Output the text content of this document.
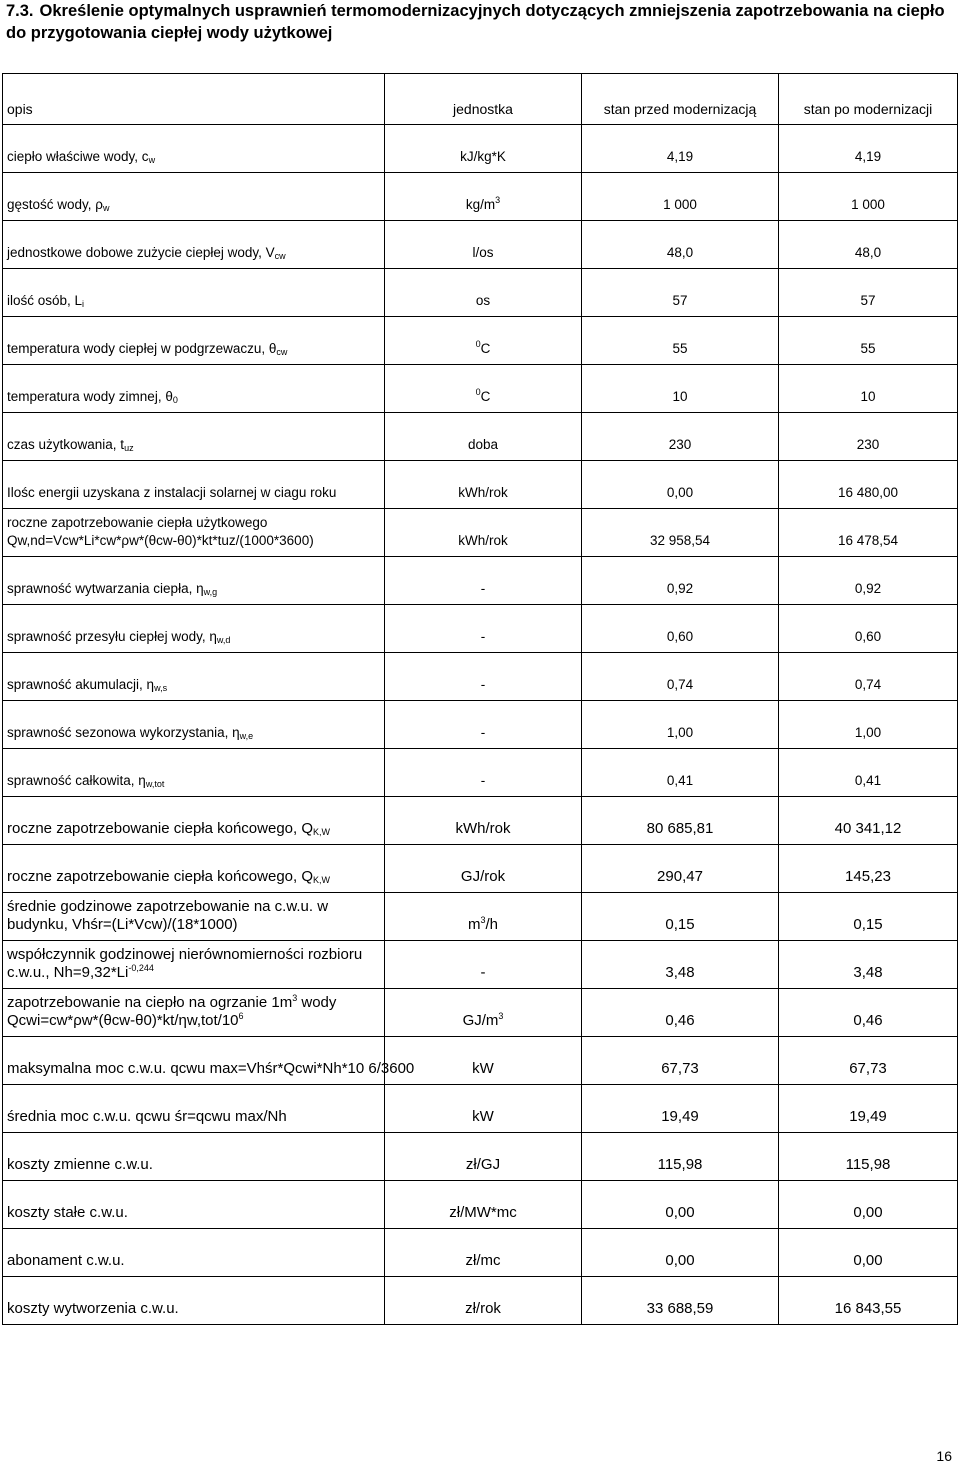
7.3. Określenie optymalnych usprawnień termomodernizacyjnych dotyczących zmniejszenia zapotrzebowania na ciepło do przygotowania ciepłej wody użytkowej
opis	jednostka	stan przed modernizacją	stan po modernizacji
ciepło właściwe wody, $c_w$	kJ/kg*K	4,19	4,19
gęstość wody, $\rho_w$	$kg/m^3$	1 000	1 000
jednostkowe dobowe zużycie ciepłej wody, $V_{cw}$	l/os	48,0	48,0
ilość osób, $L_i$	os	57	57
temperatura wody ciepłej w podgrzewaczu, $\theta_{cw}$	$^0$C	55	55
temperatura wody zimnej, $\theta_0$	$^0$C	10	10
czas użytkowania, $t_{uz}$	doba	230	230
Ilośc energii uzyskana z instalacji solarnej w ciagu roku	kWh/rok	0,00	16 480,00

roczne zapotrzebowanie ciepła użytkowego
Qw,nd=Vcw*Li*cw*ρw*(θcw-θ0)*kt*tuz/(1000*3600)	kWh/rok	32 958,54	16 478,54
sprawność wytwarzania ciepła, $\eta_{w,g}$	-	0,92	0,92
sprawność przesyłu ciepłej wody, $\eta_{w,d}$	-	0,60	0,60
sprawność akumulacji, $\eta_{w,s}$	-	0,74	0,74
sprawność sezonowa wykorzystania, $\eta_{w,e}$	-	1,00	1,00
sprawność całkowita, $\eta_{w,tot}$	-	0,41	0,41
roczne zapotrzebowanie ciepła końcowego, $Q_{K,W}$	kWh/rok	80 685,81	40 341,12
roczne zapotrzebowanie ciepła końcowego, $Q_{K,W}$	GJ/rok	290,47	145,23

średnie godzinowe zapotrzebowanie na c.w.u. w
budynku, Vhśr=(Li*Vcw)/(18*1000)	$m^3/h$	0,15	0,15

współczynnik godzinowej nierównomierności rozbioru
c.w.u., $Nh=9,32*Li^{-0,244}$	-	3,48	3,48

zapotrzebowanie na ciepło na ogrzanie $1m^3$ wody
$Qcwi=cw*\rho w*(\theta cw-\theta 0)*kt/\eta w,tot/10^6$	$GJ/m^3$	0,46	0,46
maksymalna moc c.w.u. qcwu max=Vhśr*Qcwi*Nh*10 6/3600	kW	67,73	67,73
średnia moc c.w.u. qcwu śr=qcwu max/Nh	kW	19,49	19,49
koszty zmienne c.w.u.	zł/GJ	115,98	115,98
koszty stałe c.w.u.	zł/MW*mc	0,00	0,00
abonament c.w.u.	zł/mc	0,00	0,00
koszty wytworzenia c.w.u.	zł/rok	33 688,59	16 843,55
16
